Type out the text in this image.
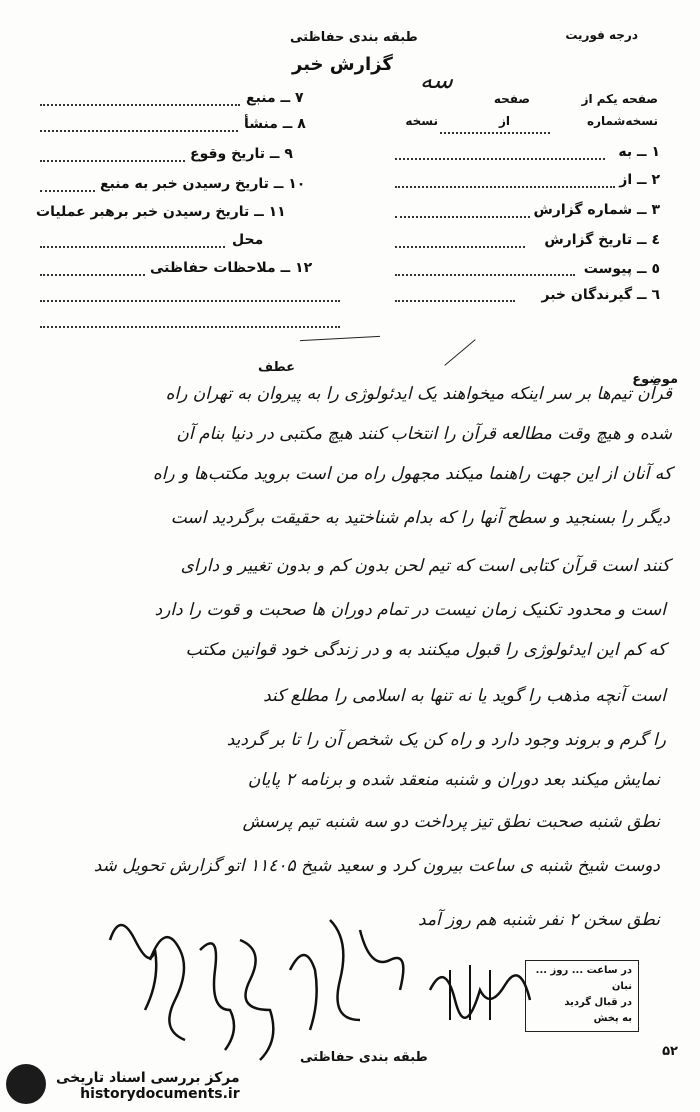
درجه فوریت
طبقه بندی حفاظتی
گزارش خبر
سه
صفحه یکم از
صفحه
نسخه‌شماره
از
نسخه
۱ ــ به
۲ ــ از
۳ ــ شماره گزارش
٤ ــ تاریخ گزارش
٥ ــ پیوست
٦ ــ گیرندگان خبر
۷ ــ منبع
۸ ــ منشأ
۹ ــ تاریخ وقوع
۱۰ ــ تاریخ رسیدن خبر به منبع
۱۱ ــ تاریخ رسیدن خبر برهبر عملیات
محل
۱۲ ــ ملاحظات حفاظتی
عطف
موضوع
قرآن تیم‌ها بر سر اینکه میخواهند یک ایدئولوژی را به پیروان به تهران راه
شده و هیچ وقت مطالعه قرآن را انتخاب کنند هیچ مکتبی در دنیا بنام آن
که آنان از این جهت راهنما میکند مجهول راه من است بروید مکتب‌ها و راه
دیگر را بسنجید و سطح آنها را که بدام شناختید به حقیقت برگردید است
کنند است قرآن کتابی است که تیم لحن بدون کم و بدون تغییر و دارای
است و محدود تکنیک زمان نیست در تمام دوران ها صحبت و قوت را دارد
که کم این ایدئولوژی را قبول میکنند به و در زندگی خود قوانین مکتب
است آنچه مذهب را گوید یا نه تنها به اسلامی را مطلع کند
را گرم و بروند وجود دارد و راه کن یک شخص آن را تا بر گردید
نمایش میکند بعد دوران و شنبه منعقد شده و برنامه ۲ پایان
نطق شنبه صحبت نطق تیز پرداخت دو سه شنبه تیم پرسش
دوست شیخ شنبه ی ساعت بیرون کرد و سعید شیخ ۱۱٤۰۵ اتو گزارش تحویل شد
نطق سخن ۲ نفر شنبه هم روز آمد
در ساعت ... روز ...
نبان
در قبال گردید
به پخش
طبقه بندی حفاظتی	۵۲
مرکز بررسی اسناد تاریخی
historydocuments.ir
